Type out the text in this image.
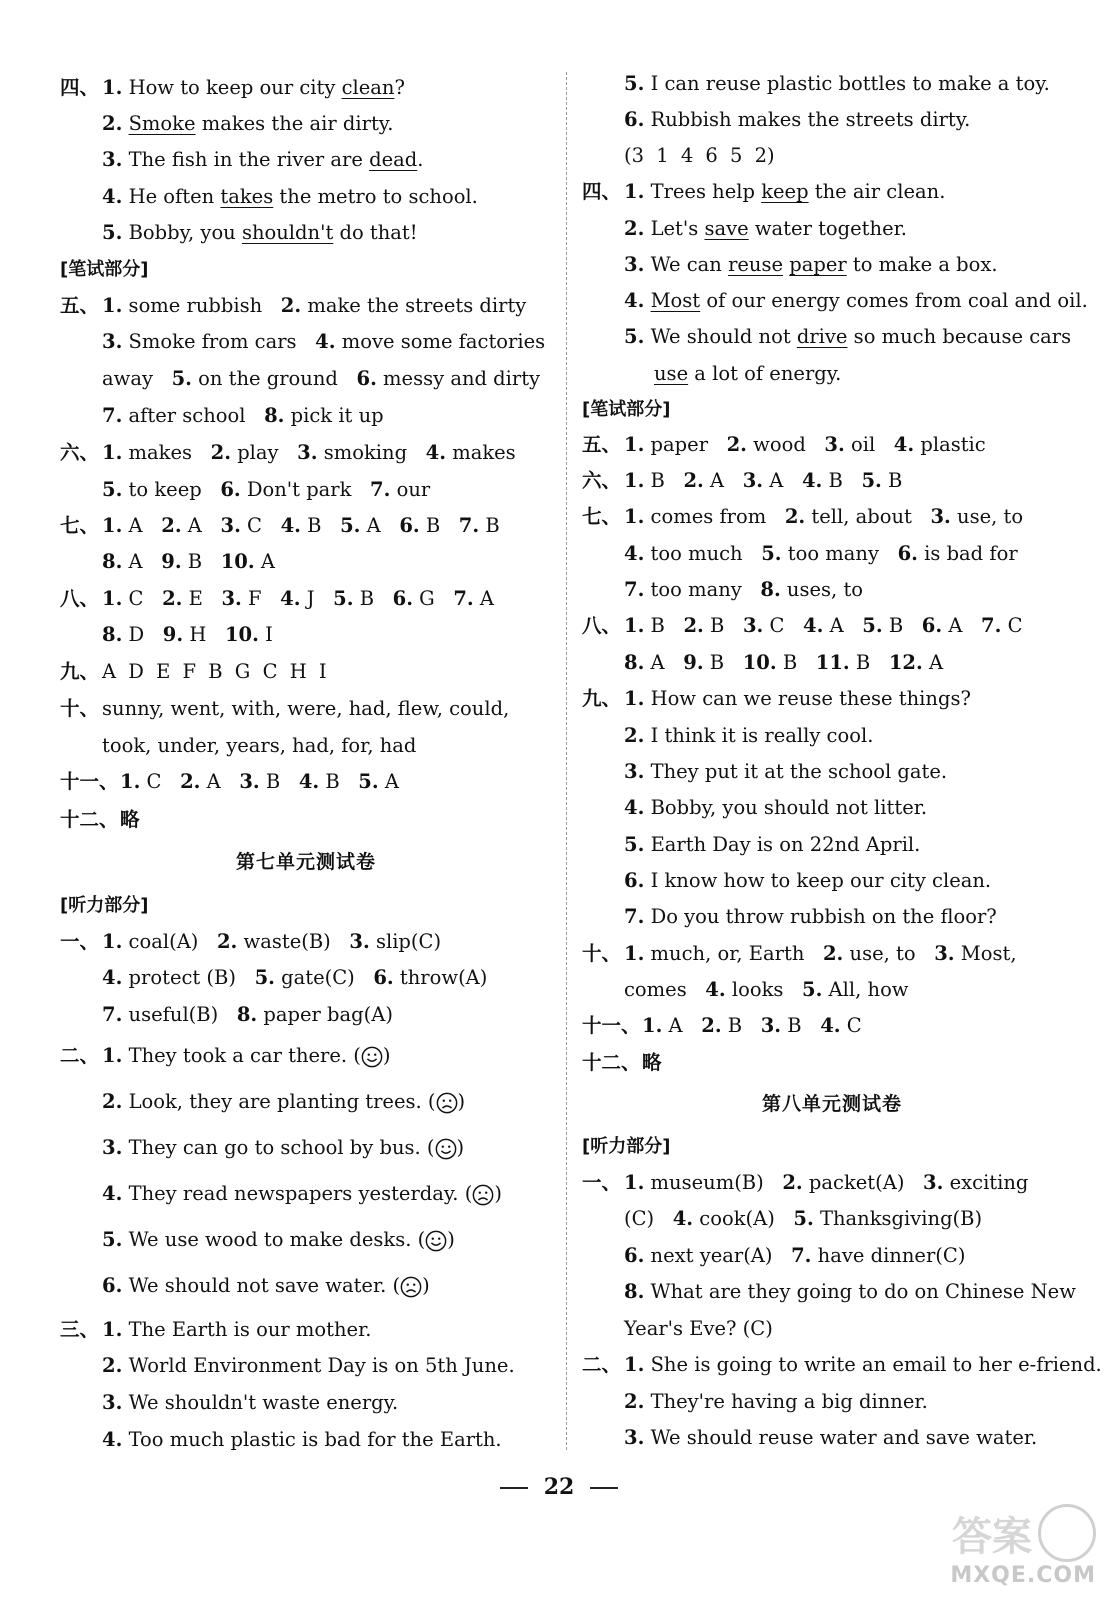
四、 1. How to keep our city clean?
2. Smoke makes the air dirty.
3. The fish in the river are dead.
4. He often takes the metro to school.
5. Bobby, you shouldn't do that!
[笔试部分]
五、 1. some rubbish   2. make the streets dirty
3. Smoke from cars   4. move some factories
away   5. on the ground   6. messy and dirty
7. after school   8. pick it up
六、 1. makes   2. play   3. smoking   4. makes
5. to keep   6. Don't park   7. our
七、 1. A   2. A   3. C   4. B   5. A   6. B   7. B
8. A   9. B   10. A
八、 1. C   2. E   3. F   4. J   5. B   6. G   7. A
8. D   9. H   10. I
九、 A D E F B G C H I
十、 sunny, went, with, were, had, flew, could,
took, under, years, had, for, had
十一、 1. C   2. A   3. B   4. B   5. A
十二、 略
第七单元测试卷
[听力部分]
一、 1. coal(A)   2. waste(B)   3. slip(C)
4. protect (B)   5. gate(C)   6. throw(A)
7. useful(B)   8. paper bag(A)
二、 1. They took a car there. ( )
2. Look, they are planting trees. ( )
3. They can go to school by bus. ( )
4. They read newspapers yesterday. ( )
5. We use wood to make desks. ( )
6. We should not save water. ( )
三、 1. The Earth is our mother.
2. World Environment Day is on 5th June.
3. We shouldn't waste energy.
4. Too much plastic is bad for the Earth.
5. I can reuse plastic bottles to make a toy.
6. Rubbish makes the streets dirty.
(3 1 4 6 5 2)
四、 1. Trees help keep the air clean.
2. Let's save water together.
3. We can reuse paper to make a box.
4. Most of our energy comes from coal and oil.
5. We should not drive so much because cars
use a lot of energy.
[笔试部分]
五、 1. paper   2. wood   3. oil   4. plastic
六、 1. B   2. A   3. A   4. B   5. B
七、 1. comes from   2. tell, about   3. use, to
4. too much   5. too many   6. is bad for
7. too many   8. uses, to
八、 1. B   2. B   3. C   4. A   5. B   6. A   7. C
8. A   9. B   10. B   11. B   12. A
九、 1. How can we reuse these things?
2. I think it is really cool.
3. They put it at the school gate.
4. Bobby, you should not litter.
5. Earth Day is on 22nd April.
6. I know how to keep our city clean.
7. Do you throw rubbish on the floor?
十、 1. much, or, Earth   2. use, to   3. Most,
comes   4. looks   5. All, how
十一、 1. A   2. B   3. B   4. C
十二、 略
第八单元测试卷
[听力部分]
一、 1. museum(B)   2. packet(A)   3. exciting
(C)   4. cook(A)   5. Thanksgiving(B)
6. next year(A)   7. have dinner(C)
8. What are they going to do on Chinese New
Year's Eve? (C)
二、 1. She is going to write an email to her e-friend.
2. They're having a big dinner.
3. We should reuse water and save water.
22
答案
MXQE.COM
